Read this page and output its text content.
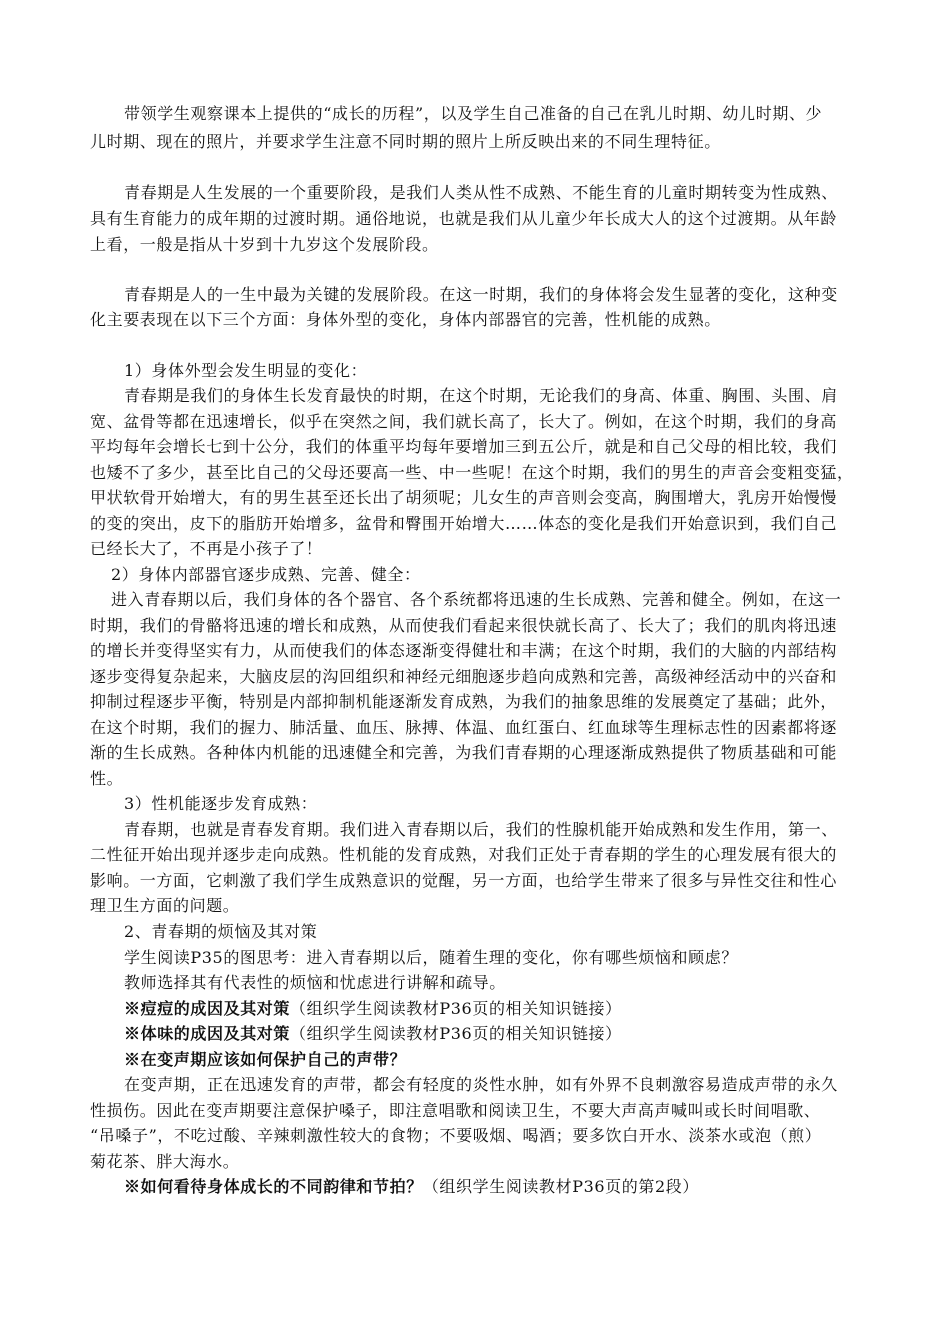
带领学生观察课本上提供的“成长的历程”，以及学生自己准备的自己在乳儿时期、幼儿时期、少
儿时期、现在的照片，并要求学生注意不同时期的照片上所反映出来的不同生理特征。
青春期是人生发展的一个重要阶段，是我们人类从性不成熟、不能生育的儿童时期转变为性成熟、
具有生育能力的成年期的过渡时期。通俗地说，也就是我们从儿童少年长成大人的这个过渡期。从年龄
上看，一般是指从十岁到十九岁这个发展阶段。
青春期是人的一生中最为关键的发展阶段。在这一时期，我们的身体将会发生显著的变化，这种变
化主要表现在以下三个方面：身体外型的变化，身体内部器官的完善，性机能的成熟。
1）身体外型会发生明显的变化：
青春期是我们的身体生长发育最快的时期，在这个时期，无论我们的身高、体重、胸围、头围、肩
宽、盆骨等都在迅速增长，似乎在突然之间，我们就长高了，长大了。例如，在这个时期，我们的身高
平均每年会增长七到十公分，我们的体重平均每年要增加三到五公斤，就是和自己父母的相比较，我们
也矮不了多少，甚至比自己的父母还要高一些、中一些呢！在这个时期，我们的男生的声音会变粗变猛，
甲状软骨开始增大，有的男生甚至还长出了胡须呢；儿女生的声音则会变高，胸围增大，乳房开始慢慢
的变的突出，皮下的脂肪开始增多，盆骨和臀围开始增大……体态的变化是我们开始意识到，我们自己
已经长大了，不再是小孩子了！
2）身体内部器官逐步成熟、完善、健全：
进入青春期以后，我们身体的各个器官、各个系统都将迅速的生长成熟、完善和健全。例如，在这一
时期，我们的骨骼将迅速的增长和成熟，从而使我们看起来很快就长高了、长大了；我们的肌肉将迅速
的增长并变得坚实有力，从而使我们的体态逐渐变得健壮和丰满；在这个时期，我们的大脑的内部结构
逐步变得复杂起来，大脑皮层的沟回组织和神经元细胞逐步趋向成熟和完善，高级神经活动中的兴奋和
抑制过程逐步平衡，特别是内部抑制机能逐渐发育成熟，为我们的抽象思维的发展奠定了基础；此外，
在这个时期，我们的握力、肺活量、血压、脉搏、体温、血红蛋白、红血球等生理标志性的因素都将逐
渐的生长成熟。各种体内机能的迅速健全和完善，为我们青春期的心理逐渐成熟提供了物质基础和可能
性。
3）性机能逐步发育成熟：
青春期，也就是青春发育期。我们进入青春期以后，我们的性腺机能开始成熟和发生作用，第一、
二性征开始出现并逐步走向成熟。性机能的发育成熟，对我们正处于青春期的学生的心理发展有很大的
影响。一方面，它刺激了我们学生成熟意识的觉醒，另一方面，也给学生带来了很多与异性交往和性心
理卫生方面的问题。
2、青春期的烦恼及其对策
学生阅读P35的图思考：进入青春期以后，随着生理的变化，你有哪些烦恼和顾虑？
教师选择其有代表性的烦恼和忧虑进行讲解和疏导。
※痘痘的成因及其对策（组织学生阅读教材P36页的相关知识链接）
※体味的成因及其对策（组织学生阅读教材P36页的相关知识链接）
※在变声期应该如何保护自己的声带？
在变声期，正在迅速发育的声带，都会有轻度的炎性水肿，如有外界不良刺激容易造成声带的永久
性损伤。因此在变声期要注意保护嗓子，即注意唱歌和阅读卫生，不要大声高声喊叫或长时间唱歌、
“吊嗓子”，不吃过酸、辛辣刺激性较大的食物；不要吸烟、喝酒；要多饮白开水、淡茶水或泡（煎）
菊花茶、胖大海水。
※如何看待身体成长的不同韵律和节拍？（组织学生阅读教材P36页的第2段）
